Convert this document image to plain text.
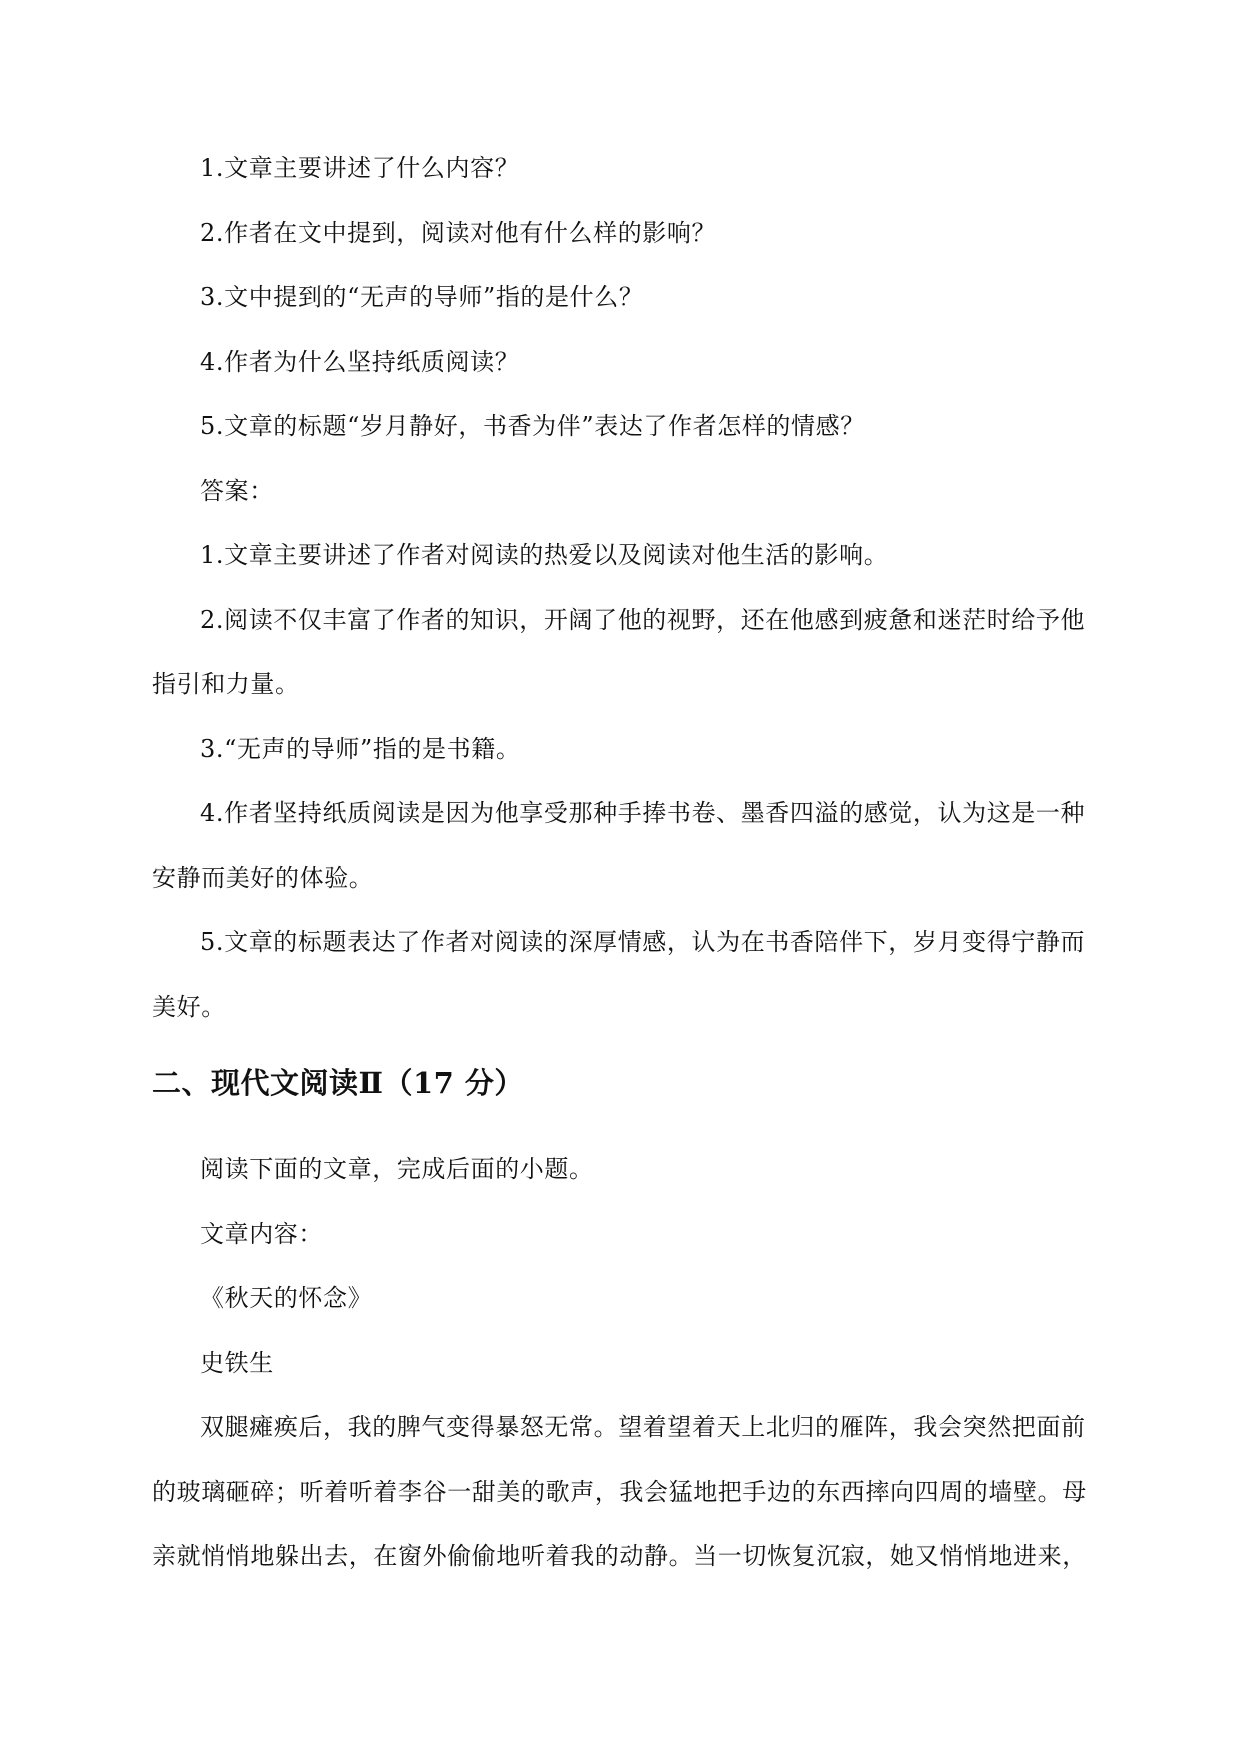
1.文章主要讲述了什么内容？

2.作者在文中提到，阅读对他有什么样的影响？

3.文中提到的“无声的导师”指的是什么？

4.作者为什么坚持纸质阅读？

5.文章的标题“岁月静好，书香为伴”表达了作者怎样的情感？

答案：

1.文章主要讲述了作者对阅读的热爱以及阅读对他生活的影响。

2.阅读不仅丰富了作者的知识，开阔了他的视野，还在他感到疲惫和迷茫时给予他指引和力量。

3.“无声的导师”指的是书籍。

4.作者坚持纸质阅读是因为他享受那种手捧书卷、墨香四溢的感觉，认为这是一种安静而美好的体验。

5.文章的标题表达了作者对阅读的深厚情感，认为在书香陪伴下，岁月变得宁静而美好。

二、现代文阅读Ⅱ（17 分）

阅读下面的文章，完成后面的小题。

文章内容：

《秋天的怀念》

史铁生

双腿瘫痪后，我的脾气变得暴怒无常。望着望着天上北归的雁阵，我会突然把面前的玻璃砸碎；听着听着李谷一甜美的歌声，我会猛地把手边的东西摔向四周的墙壁。母亲就悄悄地躲出去，在窗外偷偷地听着我的动静。当一切恢复沉寂，她又悄悄地进来，
